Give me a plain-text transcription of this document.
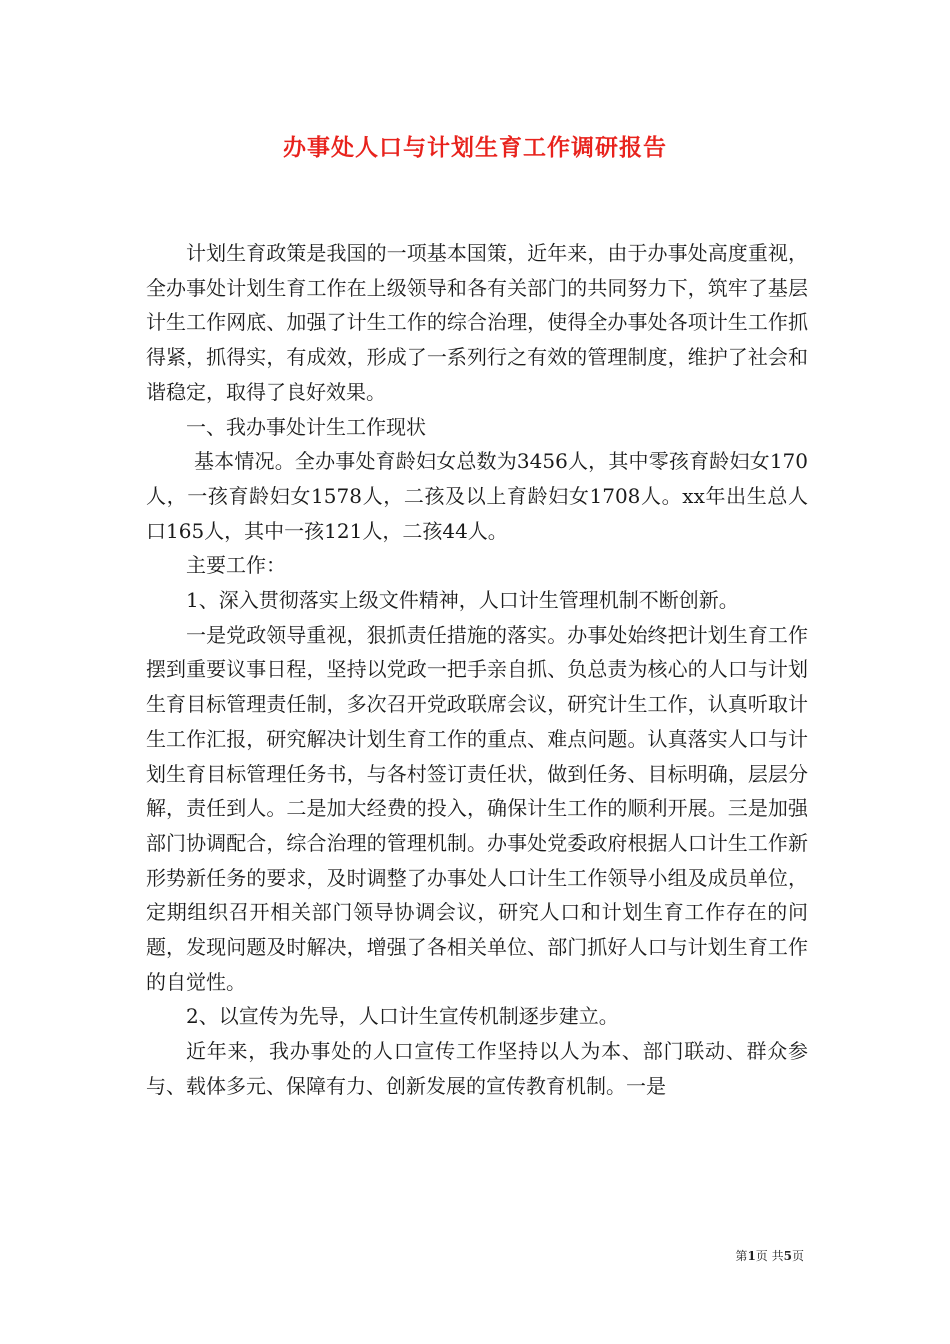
办事处人口与计划生育工作调研报告

计划生育政策是我国的一项基本国策，近年来，由于办事处高度重视，全办事处计划生育工作在上级领导和各有关部门的共同努力下，筑牢了基层计生工作网底、加强了计生工作的综合治理，使得全办事处各项计生工作抓得紧，抓得实，有成效，形成了一系列行之有效的管理制度，维护了社会和谐稳定，取得了良好效果。

一、我办事处计生工作现状

基本情况。全办事处育龄妇女总数为3456人，其中零孩育龄妇女170人，一孩育龄妇女1578人，二孩及以上育龄妇女1708人。xx年出生总人口165人，其中一孩121人，二孩44人。

主要工作：

1、深入贯彻落实上级文件精神，人口计生管理机制不断创新。

一是党政领导重视，狠抓责任措施的落实。办事处始终把计划生育工作摆到重要议事日程，坚持以党政一把手亲自抓、负总责为核心的人口与计划生育目标管理责任制，多次召开党政联席会议，研究计生工作，认真听取计生工作汇报，研究解决计划生育工作的重点、难点问题。认真落实人口与计划生育目标管理任务书，与各村签订责任状，做到任务、目标明确，层层分解，责任到人。二是加大经费的投入，确保计生工作的顺利开展。三是加强部门协调配合，综合治理的管理机制。办事处党委政府根据人口计生工作新形势新任务的要求，及时调整了办事处人口计生工作领导小组及成员单位，定期组织召开相关部门领导协调会议，研究人口和计划生育工作存在的问题，发现问题及时解决，增强了各相关单位、部门抓好人口与计划生育工作的自觉性。

2、以宣传为先导，人口计生宣传机制逐步建立。

近年来，我办事处的人口宣传工作坚持以人为本、部门联动、群众参与、载体多元、保障有力、创新发展的宣传教育机制。一是

第1页 共5页
